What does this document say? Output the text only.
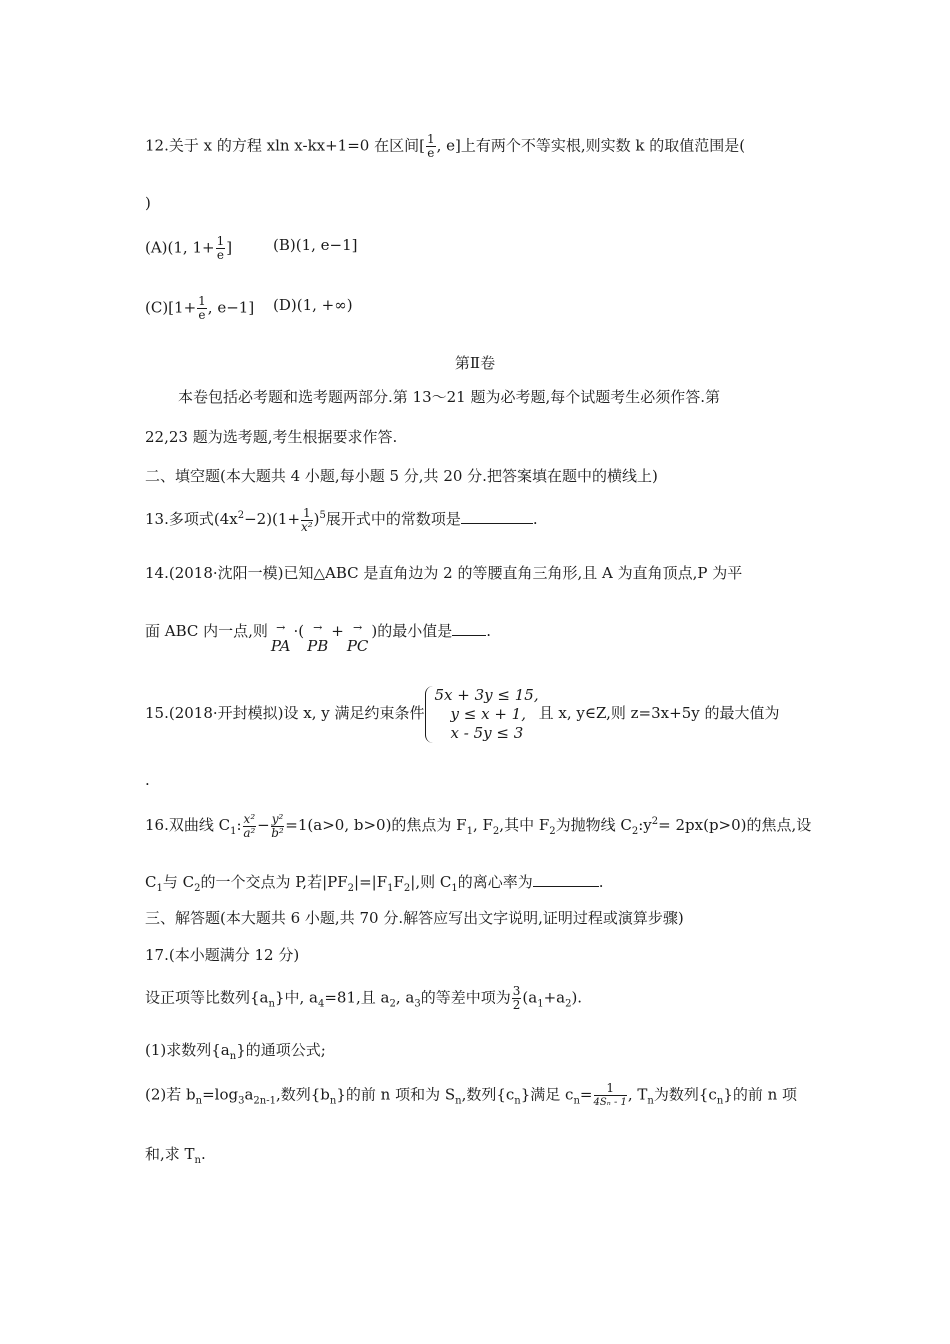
12.关于 x 的方程 xln x-kx+1=0 在区间[ $\frac{1}{e}$ , e]上有两个不等实根,则实数 k 的取值范围是(
)
(A)(1, $1+ \frac{1}{e}$ ]	(B)(1, e−1]
$(C)[1+ \frac{1}{e}$ , e−1] (D)(1, +∞)
第Ⅱ卷
本卷包括必考题和选考题两部分.第 13～21 题为必考题,每个试题考生必须作答.第
22,23 题为选考题,考生根据要求作答.
二、填空题(本大题共 4 小题,每小题 5 分,共 20 分.把答案填在题中的横线上)
13.多项式$(4x^2-2)(1+ \frac{1}{\text{x²}} )^5$展开式中的常数项是	.
14.(2018·沈阳一模)已知△ABC 是直角边为 2 的等腰直角三角形,且 A 为直角顶点,P 为平
面 ABC 内一点,则 →
PA
·( →
PB
+ →
PC
)的最小值是 .
15.(2018·开封模拟)设 x, y 满足约束条件
5x + 3y ≤ 15,
y ≤ x + 1,
x - 5y ≤ 3
且 x, y∈Z,则 z=3x+5y 的最大值为
.
16.双曲线 $C_1$: $\frac{\text{x²}}{\text{a²}} - \frac{\text{y²}}{\text{b²}} =1(a>0$, b>0)的焦点为 $F_1$, $F_2$,其中 $F_2$为抛物线 $C_2:y^2= 2px(p>0)$的焦点,设
$C_1$与 $C_2$的一个交点为 P,若$|PF_2|=|F_1F_2|$,则 $C_1$的离心率为	.
三、解答题(本大题共 6 小题,共 70 分.解答应写出文字说明,证明过程或演算步骤)
17.(本小题满分 12 分)
设正项等比数列$\{a_n\}$中, $a_4=81$,且 $a_2$, $a_3$的等差中项为 $\frac{3}{2} (a_1+a_2)$.
(1)求数列$\{a_n\}$的通项公式;
(2)若 $b_n=\log_3a_{2n-1}$,数列$\{b_n\}$的前 n 项和为 $S_n$,数列$\{c_n\}$满足 $c_n= \frac{1}{\text{4Sₙ - 1}}$ , $T_n$为数列$\{c_n\}$的前 n 项
和,求 $T_n$.
